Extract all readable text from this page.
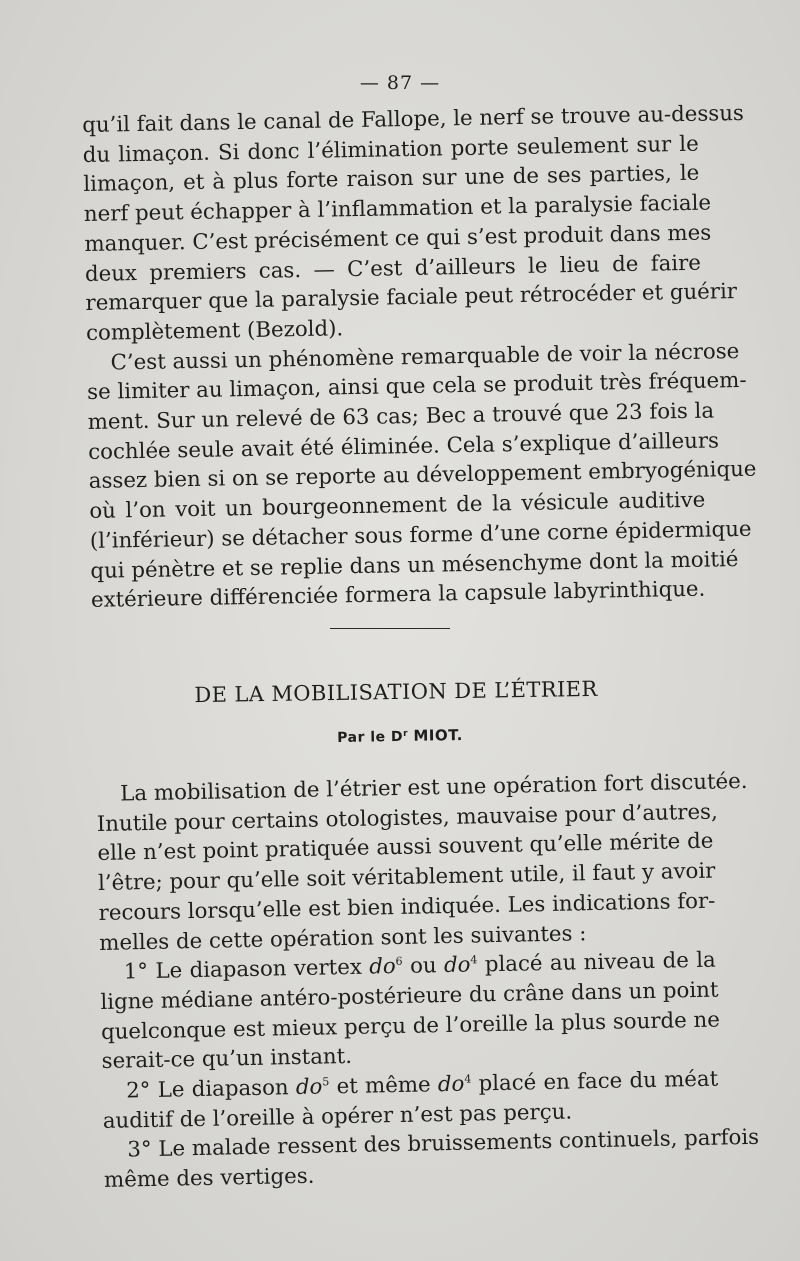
— 87 —
qu’il fait dans le canal de Fallope, le nerf se trouve au-dessus
du limaçon. Si donc l’élimination porte seulement sur le
limaçon, et à plus forte raison sur une de ses parties, le
nerf peut échapper à l’inflammation et la paralysie faciale
manquer. C’est précisément ce qui s’est produit dans mes
deux premiers cas. — C’est d’ailleurs le lieu de faire
remarquer que la paralysie faciale peut rétrocéder et guérir
complètement (Bezold).
C’est aussi un phénomène remarquable de voir la nécrose
se limiter au limaçon, ainsi que cela se produit très fréquem-
ment. Sur un relevé de 63 cas; Bec a trouvé que 23 fois la
cochlée seule avait été éliminée. Cela s’explique d’ailleurs
assez bien si on se reporte au développement embryogénique
où l’on voit un bourgeonnement de la vésicule auditive
(l’inférieur) se détacher sous forme d’une corne épidermique
qui pénètre et se replie dans un mésenchyme dont la moitié
extérieure différenciée formera la capsule labyrinthique.
DE LA MOBILISATION DE L’ÉTRIER
Par le $D^r$ MIOT.
La mobilisation de l’étrier est une opération fort discutée.
Inutile pour certains otologistes, mauvaise pour d’autres,
elle n’est point pratiquée aussi souvent qu’elle mérite de
l’être; pour qu’elle soit véritablement utile, il faut y avoir
recours lorsqu’elle est bien indiquée. Les indications for-
melles de cette opération sont les suivantes :
1° Le diapason vertex $do^6$ ou $do^4$ placé au niveau de la
ligne médiane antéro-postérieure du crâne dans un point
quelconque est mieux perçu de l’oreille la plus sourde ne
serait-ce qu’un instant.
2° Le diapason $do^5$ et même $do^4$ placé en face du méat
auditif de l’oreille à opérer n’est pas perçu.
3° Le malade ressent des bruissements continuels, parfois
même des vertiges.
